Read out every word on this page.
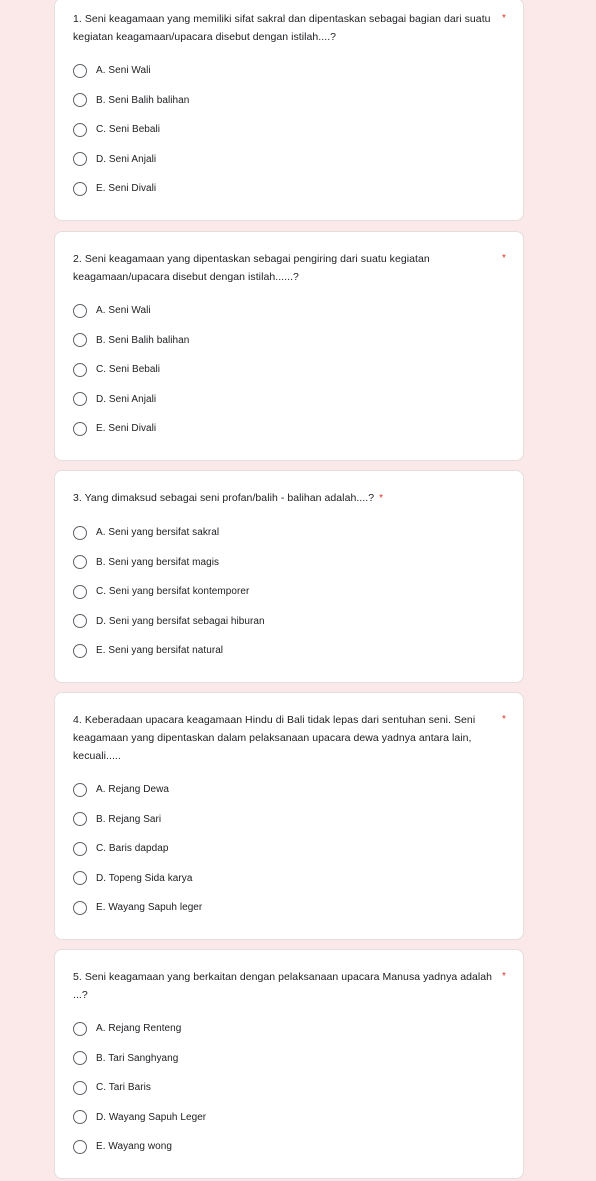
1. Seni keagamaan yang memiliki sifat sakral dan dipentaskan sebagai bagian dari suatu kegiatan keagamaan/upacara disebut dengan istilah....?
*
A. Seni Wali
B. Seni Balih balihan
C. Seni Bebali
D. Seni Anjali
E. Seni Divali
2. Seni keagamaan yang dipentaskan sebagai pengiring dari suatu kegiatan keagamaan/upacara disebut dengan istilah......?
*
A. Seni Wali
B. Seni Balih balihan
C. Seni Bebali
D. Seni Anjali
E. Seni Divali
3. Yang dimaksud sebagai seni profan/balih - balihan adalah....? *
A. Seni yang bersifat sakral
B. Seni yang bersifat magis
C. Seni yang bersifat kontemporer
D. Seni yang bersifat sebagai hiburan
E. Seni yang bersifat natural
4. Keberadaan upacara keagamaan Hindu di Bali tidak lepas dari sentuhan seni. Seni keagamaan yang dipentaskan dalam pelaksanaan upacara dewa yadnya antara lain, kecuali.....
*
A. Rejang Dewa
B. Rejang Sari
C. Baris dapdap
D. Topeng Sida karya
E. Wayang Sapuh leger
5. Seni keagamaan yang berkaitan dengan pelaksanaan upacara Manusa yadnya adalah ...?
*
A. Rejang Renteng
B. Tari Sanghyang
C. Tari Baris
D. Wayang Sapuh Leger
E. Wayang wong
